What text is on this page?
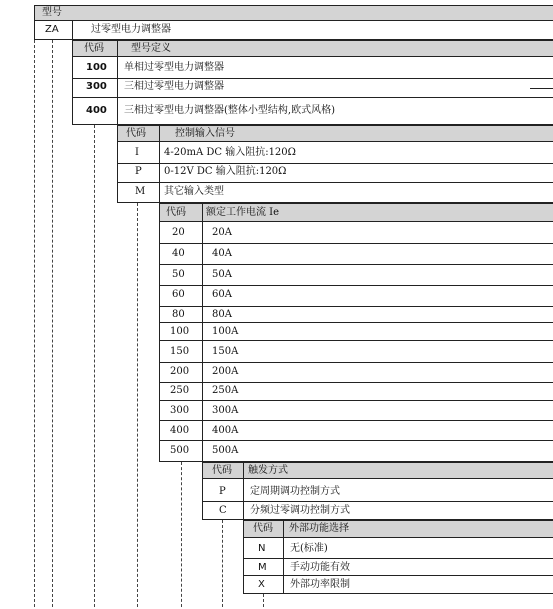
型号
ZA	过零型电力调整器
代码	型号定义
100 单相过零型电力调整器
300 三相过零型电力调整器
400 三相过零型电力调整器(整体小型结构,欧式风格)
代码	控制输入信号
I	4-20mA DC 输入阻抗:120Ω
P 0-12V DC 输入阻抗:120Ω
M 其它输入类型
代码 额定工作电流 Ie
20	20A
40	40A
50	50A
60	60A
80	80A
100 100A
150 150A
200 200A
250 250A
300 300A
400 400A
500 500A
代码 触发方式
P 定周期调功控制方式
C 分频过零调功控制方式
代码 外部功能选择
N 无(标准)
M 手动功能有效
X	外部功率限制
